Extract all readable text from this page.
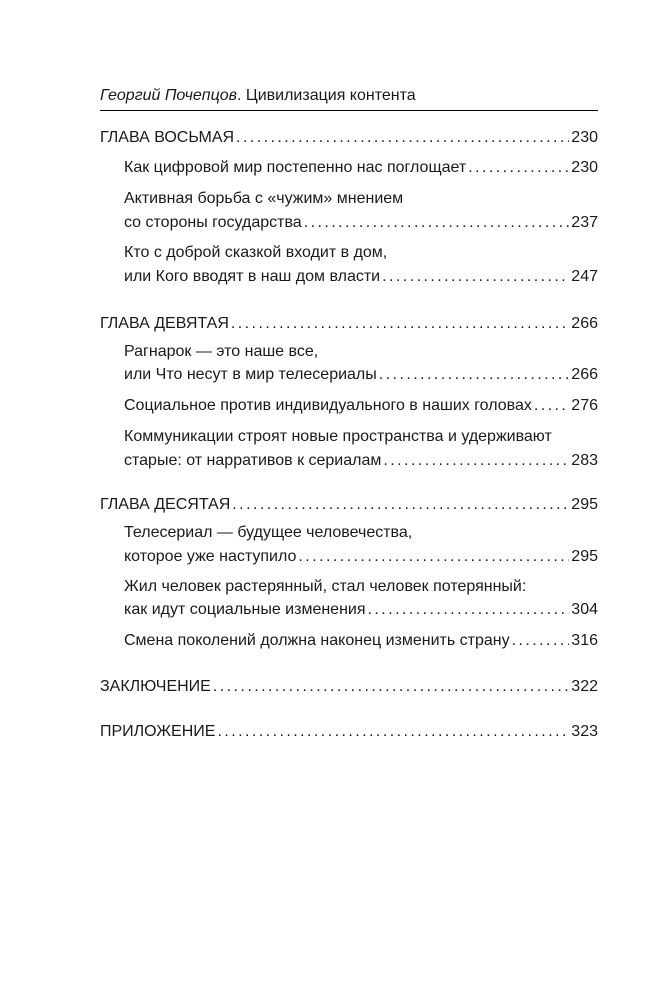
Георгий Почепцов. Цивилизация контента
ГЛАВА ВОСЬМАЯ . . .	230
Как цифровой мир постепенно нас поглощает . . .	230
Активная борьба с «чужим» мнением
со стороны государства . . .	237
Кто с доброй сказкой входит в дом,
или Кого вводят в наш дом власти . . .	247
ГЛАВА ДЕВЯТАЯ . . .	266
Рагнарок — это наше все,
или Что несут в мир телесериалы . . .	266
Социальное против индивидуального в наших головах . . . 276
Коммуникации строят новые пространства и удерживают
старые: от нарративов к сериалам . . .	283
ГЛАВА ДЕСЯТАЯ . . .	295
Телесериал — будущее человечества,
которое уже наступило . . .	295
Жил человек растерянный, стал человек потерянный:
как идут социальные изменения . . .	304
Смена поколений должна наконец изменить страну . . .	316
ЗАКЛЮЧЕНИЕ . . .	322
ПРИЛОЖЕНИЕ . . .	323
